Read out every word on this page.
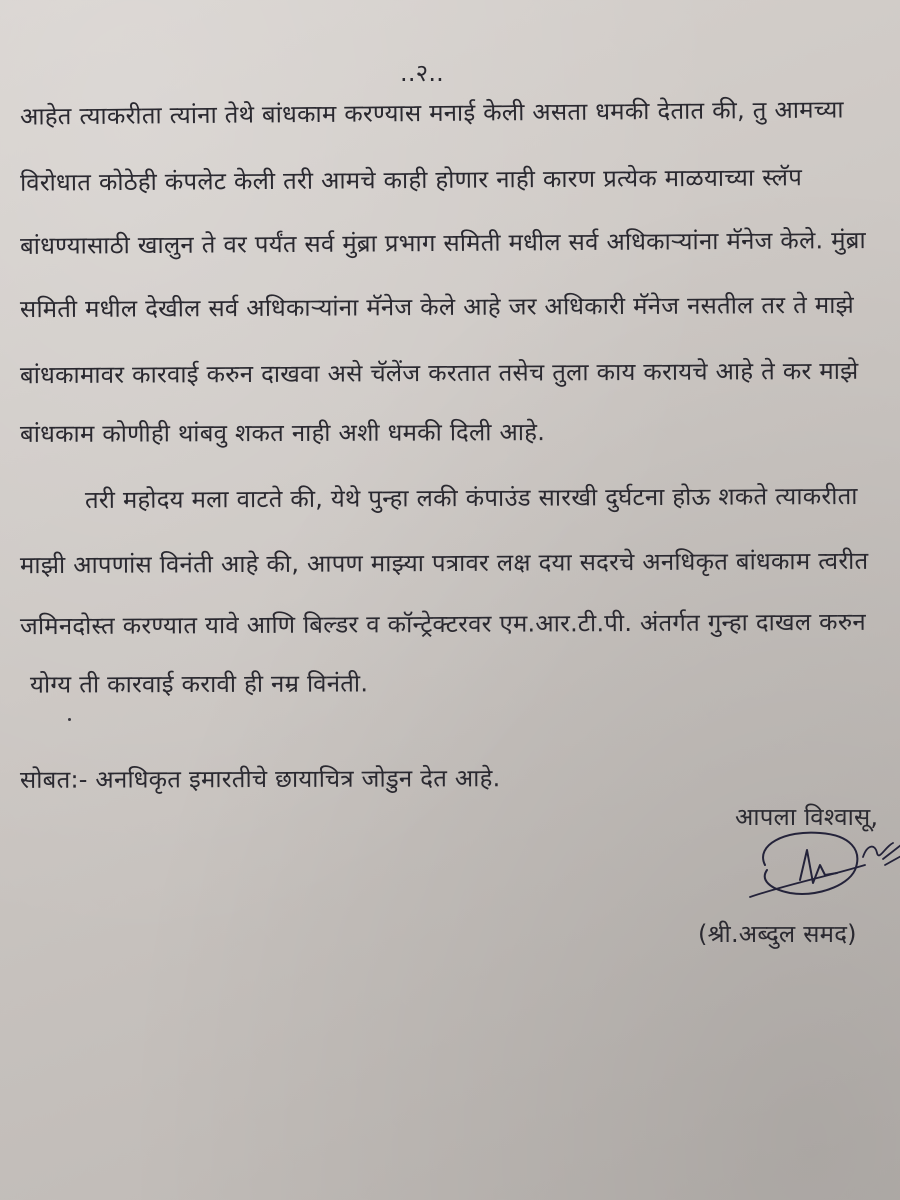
..२..
आहेत त्याकरीता त्यांना तेथे बांधकाम करण्यास मनाई केली असता धमकी देतात की, तु आमच्या
विरोधात कोठेही कंपलेट केली तरी आमचे काही होणार नाही कारण प्रत्येक माळयाच्या स्लॅप
बांधण्यासाठी खालुन ते वर पर्यंत सर्व मुंब्रा प्रभाग समिती मधील सर्व अधिकाऱ्यांना मॅनेज केले. मुंब्रा
समिती मधील देखील सर्व अधिकाऱ्यांना मॅनेज केले आहे जर अधिकारी मॅनेज नसतील तर ते माझे
बांधकामावर कारवाई करुन दाखवा असे चॅलेंज करतात तसेच तुला काय करायचे आहे ते कर माझे
बांधकाम कोणीही थांबवु शकत नाही अशी धमकी दिली आहे.
तरी महोदय मला वाटते की, येथे पुन्हा लकी कंपाउंड सारखी दुर्घटना होऊ शकते त्याकरीता
माझी आपणांस विनंती आहे की, आपण माझ्या पत्रावर लक्ष दया सदरचे अनधिकृत बांधकाम त्वरीत
जमिनदोस्त करण्यात यावे आणि बिल्डर व कॉन्ट्रेक्टरवर एम.आर.टी.पी. अंतर्गत गुन्हा दाखल करुन
योग्य ती कारवाई करावी ही नम्र विनंती.
सोबत:- अनधिकृत इमारतीचे छायाचित्र जोडुन देत आहे.
आपला विश्वासू,
(श्री.अब्दुल समद)
